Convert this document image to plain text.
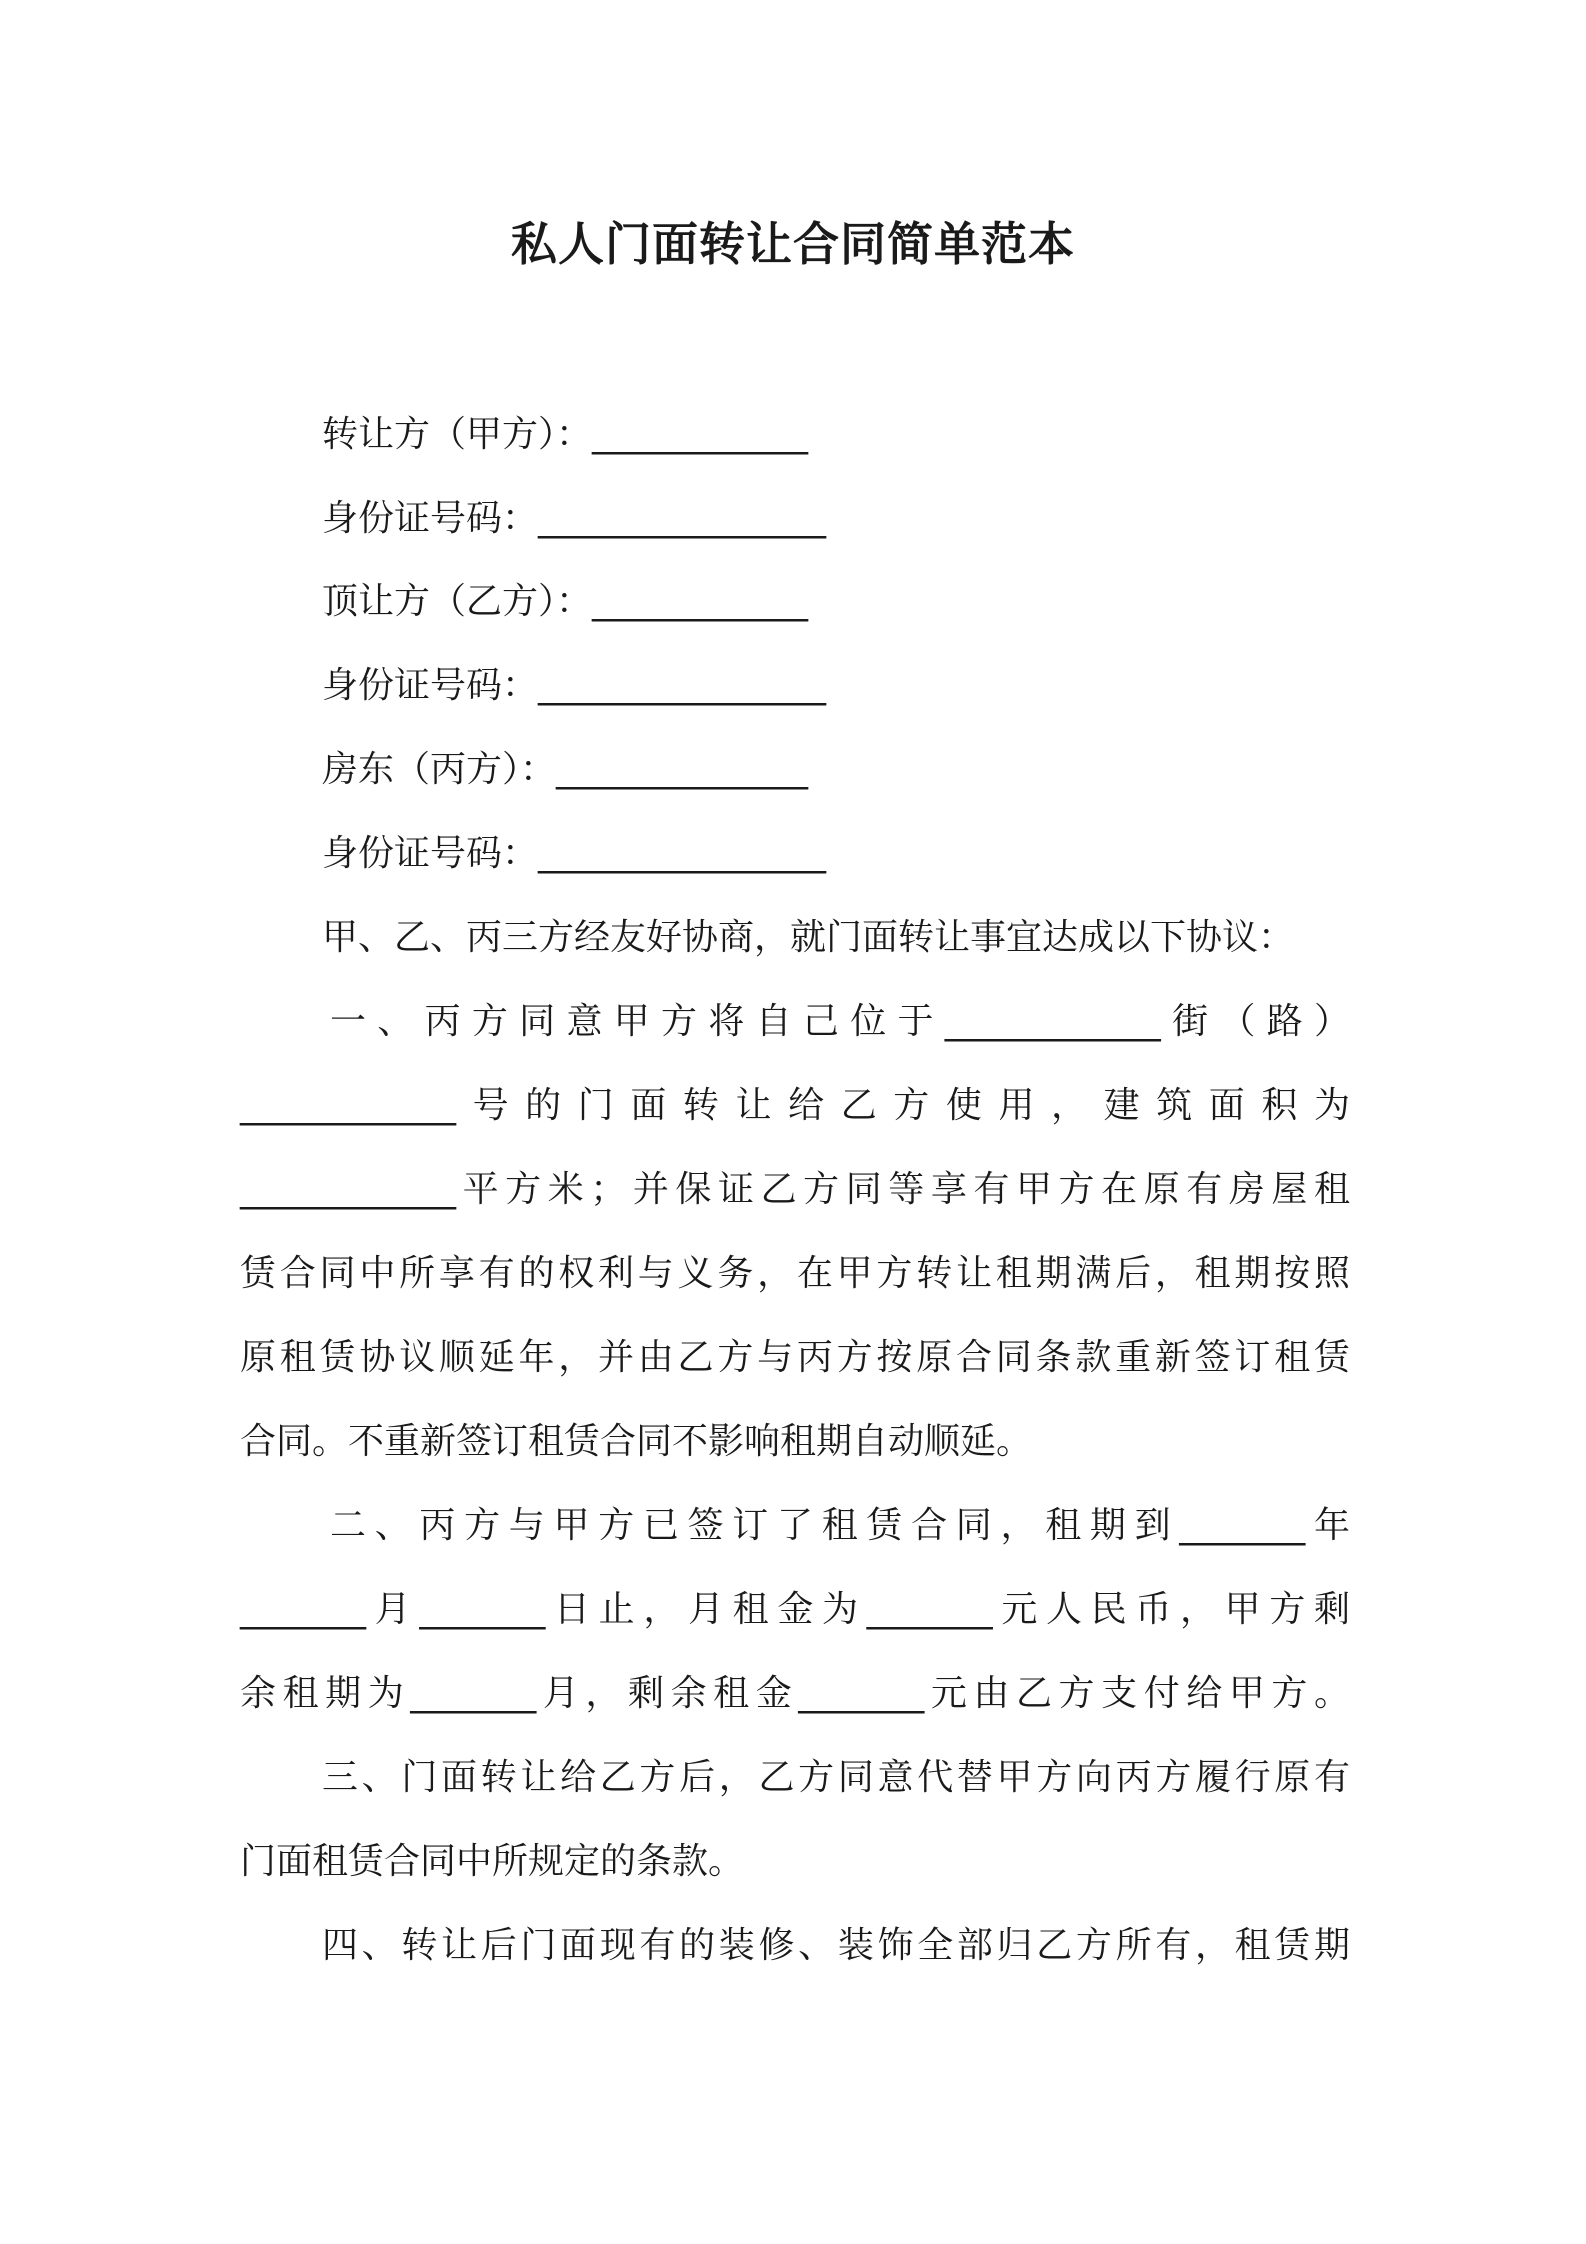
私人门面转让合同简单范本
转让方（甲方）：____________
身份证号码：________________
顶让方（乙方）：____________
身份证号码：________________
房东（丙方）：______________
身份证号码：________________
甲、乙、丙三方经友好协商，就门面转让事宜达成以下协议：
一、丙方同意甲方将自己位于____________街（路）
____________号的门面转让给乙方使用，建筑面积为
____________平方米；并保证乙方同等享有甲方在原有房屋租
赁合同中所享有的权利与义务，在甲方转让租期满后，租期按照
原租赁协议顺延年，并由乙方与丙方按原合同条款重新签订租赁
合同。不重新签订租赁合同不影响租期自动顺延。
二、丙方与甲方已签订了租赁合同，租期到_______年
_______月_______日止，月租金为_______元人民币，甲方剩
余租期为_______月，剩余租金_______元由乙方支付给甲方。
三、门面转让给乙方后，乙方同意代替甲方向丙方履行原有
门面租赁合同中所规定的条款。
四、转让后门面现有的装修、装饰全部归乙方所有，租赁期
